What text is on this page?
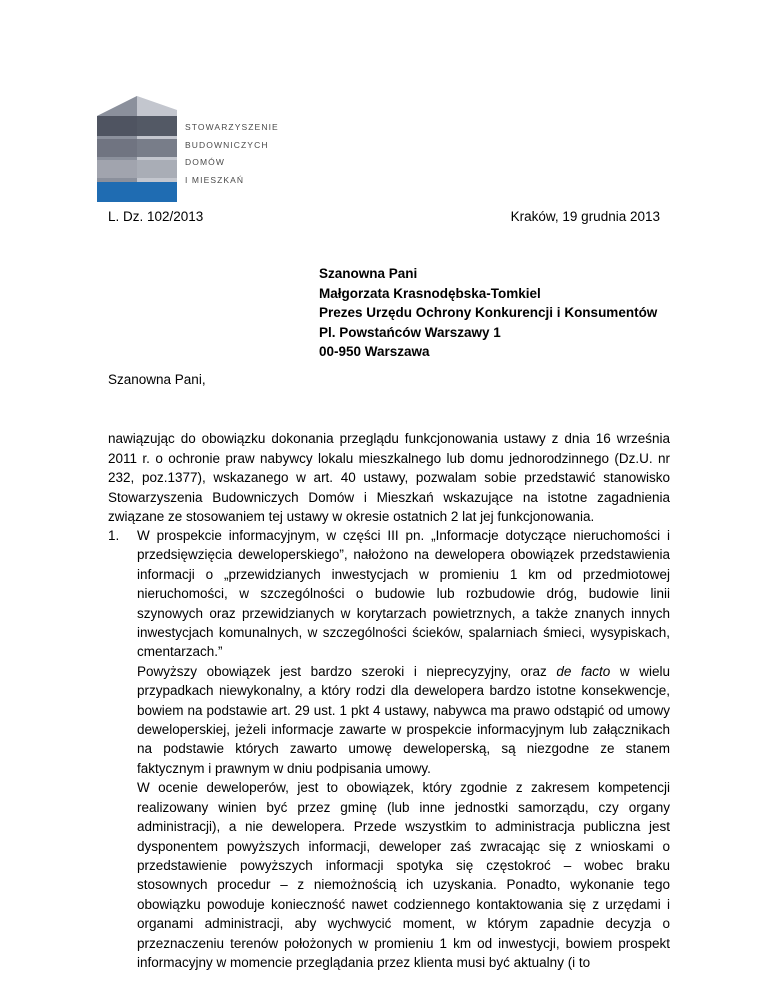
STOWARZYSZENIE
BUDOWNICZYCH
DOMÓW
I MIESZKAŃ
L. Dz. 102/2013	Kraków, 19 grudnia 2013
Szanowna Pani
Małgorzata Krasnodębska-Tomkiel
Prezes Urzędu Ochrony Konkurencji i Konsumentów
Pl. Powstańców Warszawy 1
00-950 Warszawa
Szanowna Pani,
nawiązując do obowiązku dokonania przeglądu funkcjonowania ustawy z dnia 16 września 2011 r. o ochronie praw nabywcy lokalu mieszkalnego lub domu jednorodzinnego (Dz.U. nr 232, poz.1377), wskazanego w art. 40 ustawy, pozwalam sobie przedstawić stanowisko Stowarzyszenia Budowniczych Domów i Mieszkań wskazujące na istotne zagadnienia związane ze stosowaniem tej ustawy w okresie ostatnich 2 lat jej funkcjonowania.
1. W prospekcie informacyjnym, w części III pn. „Informacje dotyczące nieruchomości i przedsięwzięcia deweloperskiego”, nałożono na dewelopera obowiązek przedstawienia informacji o „przewidzianych inwestycjach w promieniu 1 km od przedmiotowej nieruchomości, w szczególności o budowie lub rozbudowie dróg, budowie linii szynowych oraz przewidzianych w korytarzach powietrznych, a także znanych innych inwestycjach komunalnych, w szczególności ścieków, spalarniach śmieci, wysypiskach, cmentarzach.”

Powyższy obowiązek jest bardzo szeroki i nieprecyzyjny, oraz de facto w wielu przypadkach niewykonalny, a który rodzi dla dewelopera bardzo istotne konsekwencje, bowiem na podstawie art. 29 ust. 1 pkt 4 ustawy, nabywca ma prawo odstąpić od umowy deweloperskiej, jeżeli informacje zawarte w prospekcie informacyjnym lub załącznikach na podstawie których zawarto umowę deweloperską, są niezgodne ze stanem faktycznym i prawnym w dniu podpisania umowy.

W ocenie deweloperów, jest to obowiązek, który zgodnie z zakresem kompetencji realizowany winien być przez gminę (lub inne jednostki samorządu, czy organy administracji), a nie dewelopera. Przede wszystkim to administracja publiczna jest dysponentem powyższych informacji, deweloper zaś zwracając się z wnioskami o przedstawienie powyższych informacji spotyka się częstokroć – wobec braku stosownych procedur – z niemożnością ich uzyskania. Ponadto, wykonanie tego obowiązku powoduje konieczność nawet codziennego kontaktowania się z urzędami i organami administracji, aby wychwycić moment, w którym zapadnie decyzja o przeznaczeniu terenów położonych w promieniu 1 km od inwestycji, bowiem prospekt informacyjny w momencie przeglądania przez klienta musi być aktualny (i to
